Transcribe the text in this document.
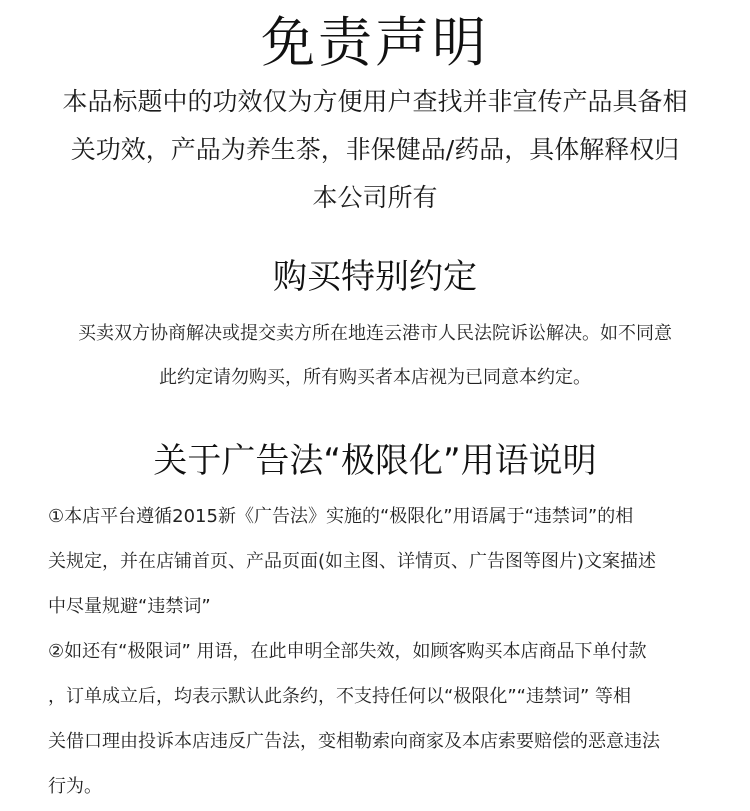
免责声明

本品标题中的功效仅为方便用户查找并非宣传产品具备相
关功效，产品为养生茶，非保健品/药品，具体解释权归
本公司所有

购买特别约定

买卖双方协商解决或提交卖方所在地连云港市人民法院诉讼解决。如不同意
此约定请勿购买，所有购买者本店视为已同意本约定。

关于广告法“极限化”用语说明

①本店平台遵循2015新《广告法》实施的“极限化”用语属于“违禁词”的相
关规定，并在店铺首页、产品页面(如主图、详情页、广告图等图片)文案描述
中尽量规避“违禁词”
②如还有“极限词” 用语，在此申明全部失效，如顾客购买本店商品下单付款
，订单成立后，均表示默认此条约，不支持任何以“极限化”“违禁词” 等相
关借口理由投诉本店违反广告法，变相勒索向商家及本店索要赔偿的恶意违法
行为。
